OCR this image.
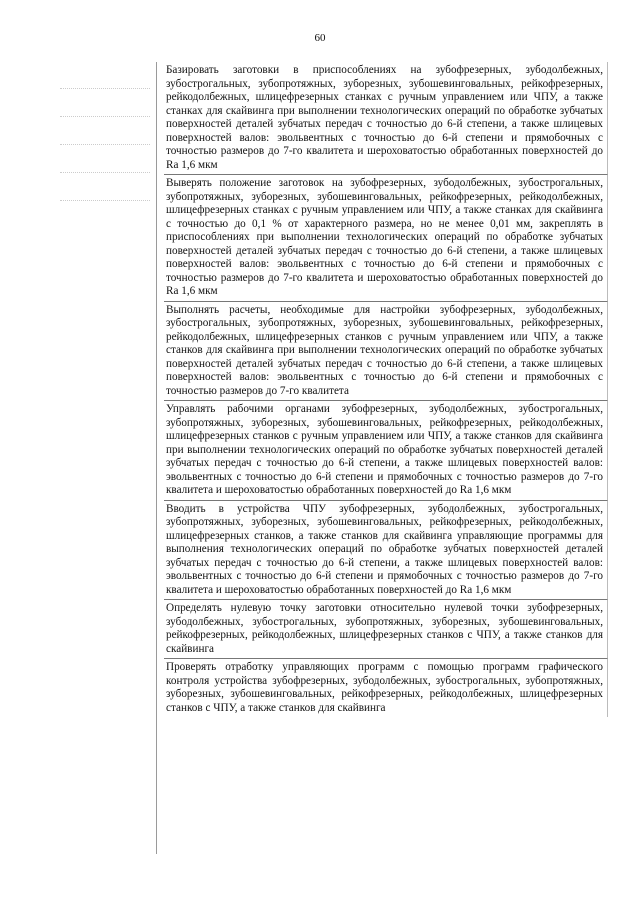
60
Базировать заготовки в приспособлениях на зубофрезерных, зубодолбежных, зубострогальных, зубопротяжных, зуборезных, зубошевинговальных, рейкофрезерных, рейкодолбежных, шлицефрезерных станках с ручным управлением или ЧПУ, а также станках для скайвинга при выполнении технологических операций по обработке зубчатых поверхностей деталей зубчатых передач с точностью до 6-й степени, а также шлицевых поверхностей валов: эвольвентных с точностью до 6-й степени и прямобочных с точностью размеров до 7-го квалитета и шероховатостью обработанных поверхностей до Ra 1,6 мкм
Выверять положение заготовок на зубофрезерных, зубодолбежных, зубострогальных, зубопротяжных, зуборезных, зубошевинговальных, рейкофрезерных, рейкодолбежных, шлицефрезерных станках с ручным управлением или ЧПУ, а также станках для скайвинга с точностью до 0,1 % от характерного размера, но не менее 0,01 мм, закреплять в приспособлениях при выполнении технологических операций по обработке зубчатых поверхностей деталей зубчатых передач с точностью до 6-й степени, а также шлицевых поверхностей валов: эвольвентных с точностью до 6-й степени и прямобочных с точностью размеров до 7-го квалитета и шероховатостью обработанных поверхностей до Ra 1,6 мкм
Выполнять расчеты, необходимые для настройки зубофрезерных, зубодолбежных, зубострогальных, зубопротяжных, зуборезных, зубошевинговальных, рейкофрезерных, рейкодолбежных, шлицефрезерных станков с ручным управлением или ЧПУ, а также станков для скайвинга при выполнении технологических операций по обработке зубчатых поверхностей деталей зубчатых передач с точностью до 6-й степени, а также шлицевых поверхностей валов: эвольвентных с точностью до 6-й степени и прямобочных с точностью размеров до 7-го квалитета
Управлять рабочими органами зубофрезерных, зубодолбежных, зубострогальных, зубопротяжных, зуборезных, зубошевинговальных, рейкофрезерных, рейкодолбежных, шлицефрезерных станков с ручным управлением или ЧПУ, а также станков для скайвинга при выполнении технологических операций по обработке зубчатых поверхностей деталей зубчатых передач с точностью до 6-й степени, а также шлицевых поверхностей валов: эвольвентных с точностью до 6-й степени и прямобочных с точностью размеров до 7-го квалитета и шероховатостью обработанных поверхностей до Ra 1,6 мкм
Вводить в устройства ЧПУ зубофрезерных, зубодолбежных, зубострогальных, зубопротяжных, зуборезных, зубошевинговальных, рейкофрезерных, рейкодолбежных, шлицефрезерных станков, а также станков для скайвинга управляющие программы для выполнения технологических операций по обработке зубчатых поверхностей деталей зубчатых передач с точностью до 6-й степени, а также шлицевых поверхностей валов: эвольвентных с точностью до 6-й степени и прямобочных с точностью размеров до 7-го квалитета и шероховатостью обработанных поверхностей до Ra 1,6 мкм
Определять нулевую точку заготовки относительно нулевой точки зубофрезерных, зубодолбежных, зубострогальных, зубопротяжных, зуборезных, зубошевинговальных, рейкофрезерных, рейкодолбежных, шлицефрезерных станков с ЧПУ, а также станков для скайвинга
Проверять отработку управляющих программ с помощью программ графического контроля устройства зубофрезерных, зубодолбежных, зубострогальных, зубопротяжных, зуборезных, зубошевинговальных, рейкофрезерных, рейкодолбежных, шлицефрезерных станков с ЧПУ, а также станков для скайвинга
